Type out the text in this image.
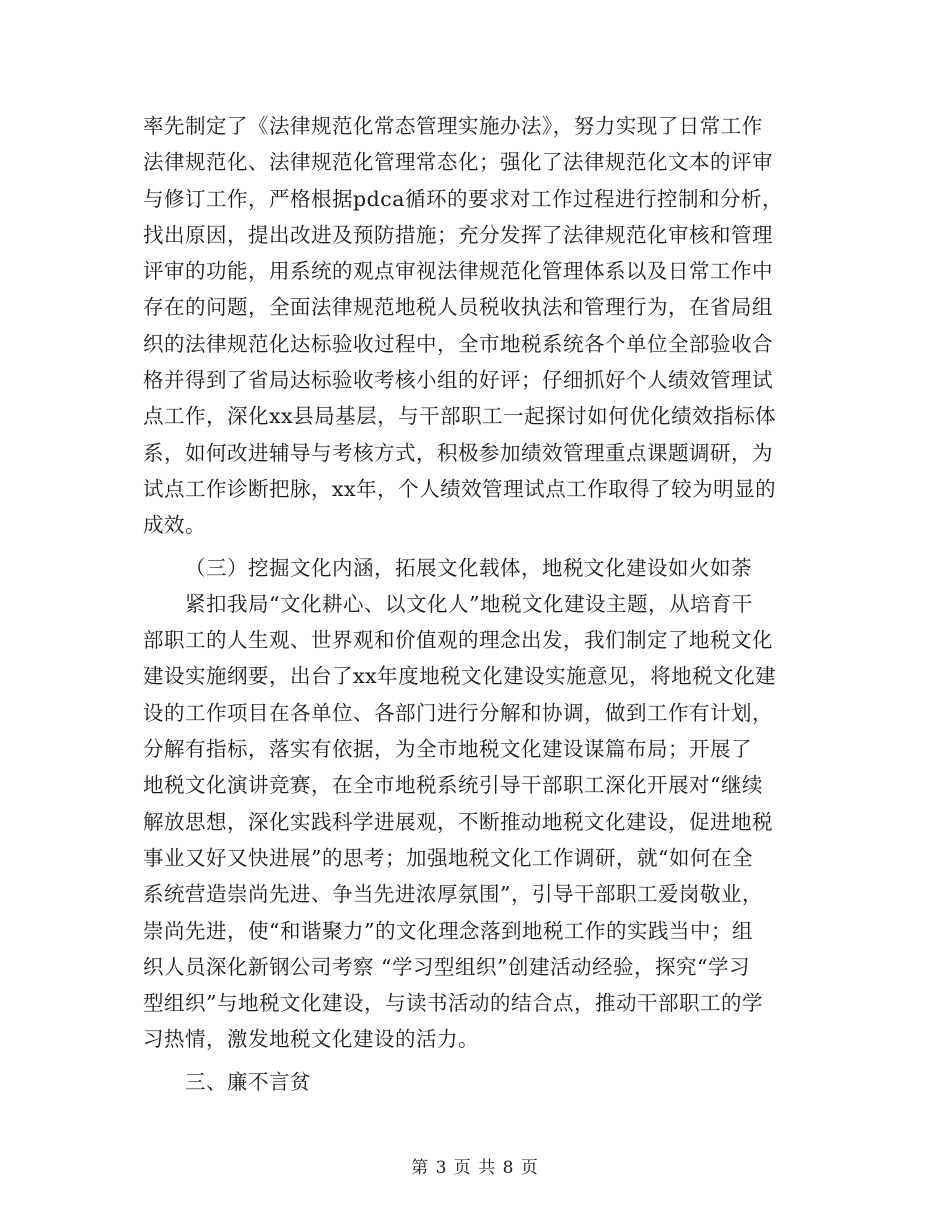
率先制定了《法律规范化常态管理实施办法》，努力实现了日常工作
法律规范化、法律规范化管理常态化；强化了法律规范化文本的评审
与修订工作，严格根据pdca循环的要求对工作过程进行控制和分析，
找出原因，提出改进及预防措施；充分发挥了法律规范化审核和管理
评审的功能，用系统的观点审视法律规范化管理体系以及日常工作中
存在的问题，全面法律规范地税人员税收执法和管理行为，在省局组
织的法律规范化达标验收过程中，全市地税系统各个单位全部验收合
格并得到了省局达标验收考核小组的好评；仔细抓好个人绩效管理试
点工作，深化xx县局基层，与干部职工一起探讨如何优化绩效指标体
系，如何改进辅导与考核方式，积极参加绩效管理重点课题调研，为
试点工作诊断把脉，xx年，个人绩效管理试点工作取得了较为明显的
成效。
（三）挖掘文化内涵，拓展文化载体，地税文化建设如火如荼
紧扣我局“文化耕心、以文化人”地税文化建设主题，从培育干
部职工的人生观、世界观和价值观的理念出发，我们制定了地税文化
建设实施纲要，出台了xx年度地税文化建设实施意见，将地税文化建
设的工作项目在各单位、各部门进行分解和协调，做到工作有计划，
分解有指标，落实有依据，为全市地税文化建设谋篇布局；开展了
地税文化演讲竞赛，在全市地税系统引导干部职工深化开展对“继续
解放思想，深化实践科学进展观，不断推动地税文化建设，促进地税
事业又好又快进展”的思考；加强地税文化工作调研，就“如何在全
系统营造崇尚先进、争当先进浓厚氛围”，引导干部职工爱岗敬业，
崇尚先进，使“和谐聚力”的文化理念落到地税工作的实践当中；组
织人员深化新钢公司考察 “学习型组织”创建活动经验，探究“学习
型组织”与地税文化建设，与读书活动的结合点，推动干部职工的学
习热情，激发地税文化建设的活力。
三、廉不言贫
第 3 页 共 8 页
